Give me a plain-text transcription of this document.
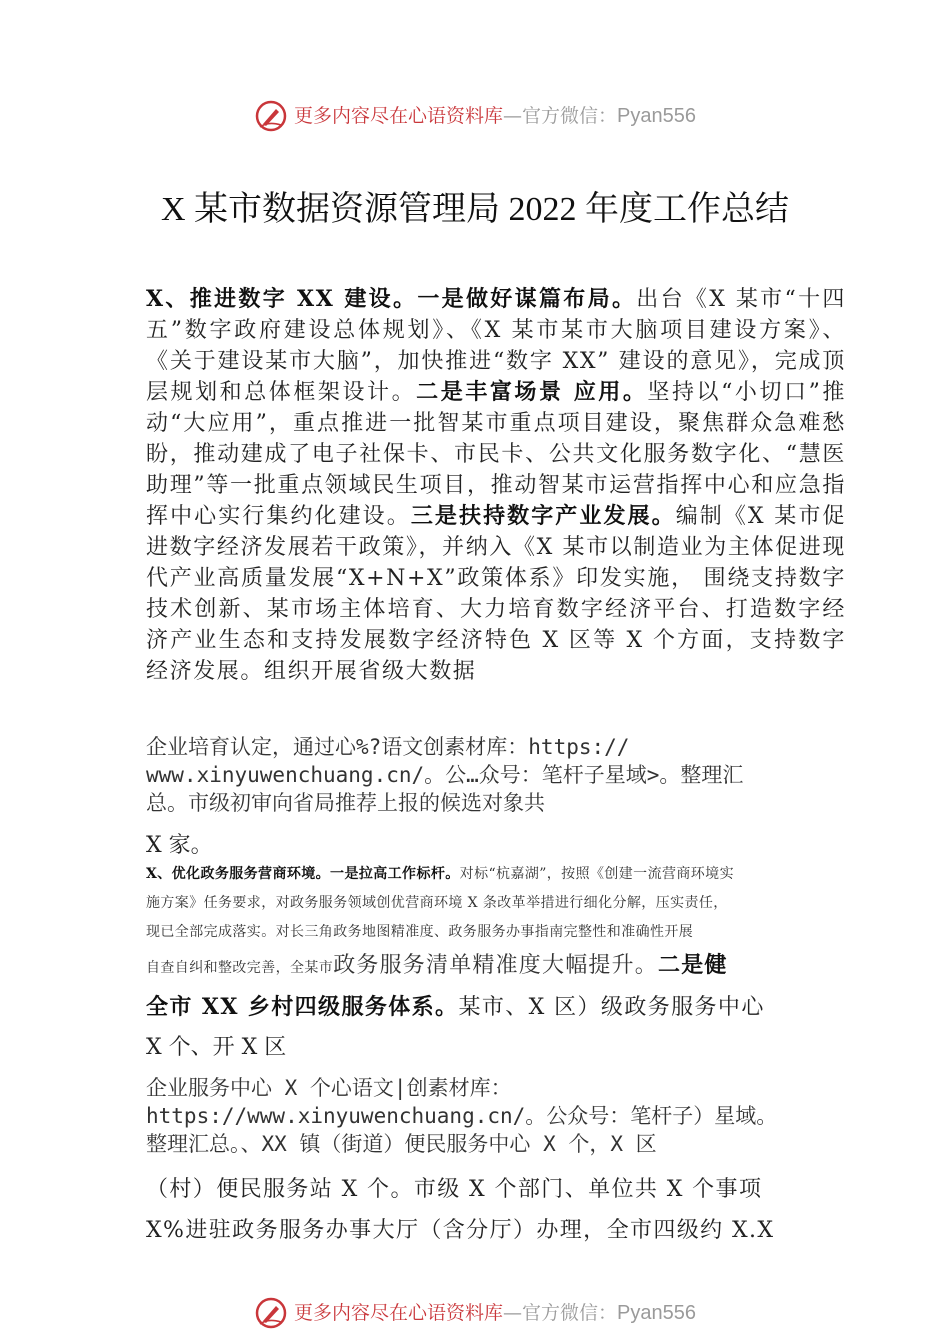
更多内容尽在心语资料库 — 官方微信： Pyan556
X 某市数据资源管理局 2022 年度工作总结
X、推进数字 XX 建设。一是做好谋篇布局。出台《X 某市“十四五”数字政府建设总体规划》、《X 某市某市大脑项目建设方案》、《关于建设某市大脑”，加快推进“数字 XX” 建设的意见》，完成顶层规划和总体框架设计。二是丰富场景 应用。坚持以“小切口”推动“大应用”，重点推进一批智某市重点项目建设，聚焦群众急难愁盼，推动建成了电子社保卡、市民卡、公共文化服务数字化、“慧医助理”等一批重点领域民生项目，推动智某市运营指挥中心和应急指挥中心实行集约化建设。三是扶持数字产业发展。编制《X 某市促进数字经济发展若干政策》，并纳入《X 某市以制造业为主体促进现代产业高质量发展“X+N+X”政策体系》印发实施， 围绕支持数字技术创新、某市场主体培育、大力培育数字经济平台、打造数字经济产业生态和支持发展数字经济特色 X 区等 X 个方面，支持数字经济发展。组织开展省级大数据
企业培育认定，通过心%?语文创素材库：https://
www.xinyuwenchuang.cn/。公…众号：笔杆子星域>。整理汇
总。市级初审向省局推荐上报的候选对象共
X 家。
X、优化政务服务营商环境。一是拉高工作标杆。对标“杭嘉湖”，按照《创建一流营商环境实
施方案》任务要求，对政务服务领域创优营商环境 X 条改革举措进行细化分解，压实责任，
现已全部完成落实。对长三角政务地图精准度、政务服务办事指南完整性和准确性开展
自查自纠和整改完善，全某市政务服务清单精准度大幅提升。二是健
全市 XX 乡村四级服务体系。某市、X 区）级政务服务中心
X 个、开 X 区
企业服务中心 X 个心语文|创素材库：
https://www.xinyuwenchuang.cn/。公众号：笔杆子）星域。
整理汇总。、XX 镇（街道）便民服务中心 X 个，X 区
（村）便民服务站 X 个。市级 X 个部门、单位共 X 个事项
X%进驻政务服务办事大厅（含分厅）办理，全市四级约 X.X
更多内容尽在心语资料库 — 官方微信： Pyan556
